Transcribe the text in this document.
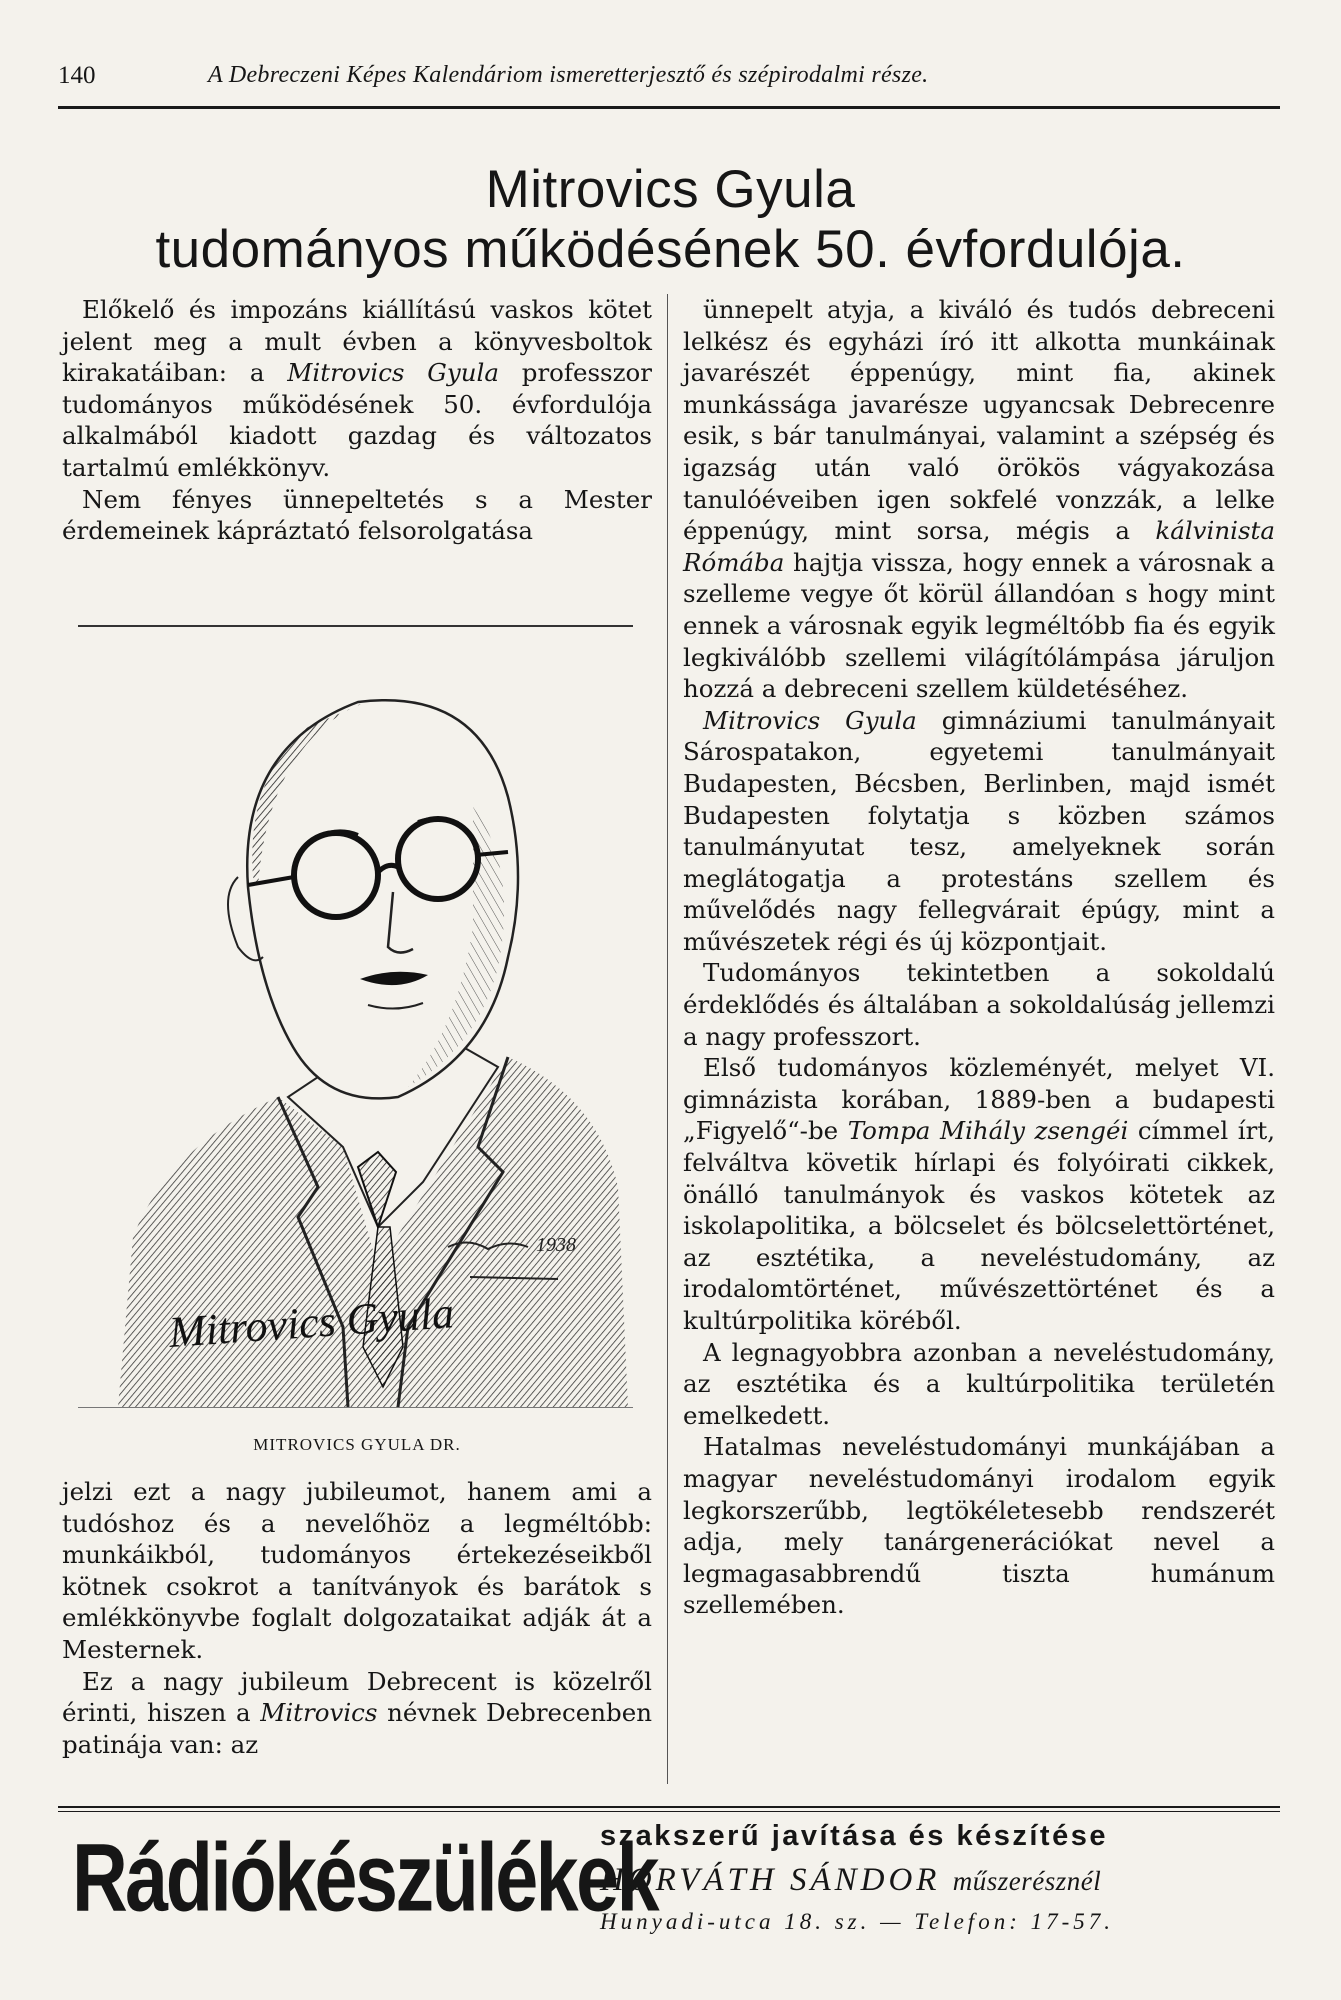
140	A Debreczeni Képes Kalendáriom ismeretterjesztő és szépirodalmi része.
Mitrovics Gyula
tudományos működésének 50. évfordulója.

Előkelő és impozáns kiállítású vaskos kötet jelent meg a mult évben a könyvesboltok kirakatáiban: a Mitrovics Gyula professzor tudományos működésének 50. évfordulója alkalmából kiadott gazdag és változatos tartalmú emlékkönyv.

Nem fényes ünnepeltetés s a Mester érdemeinek kápráztató felsorolgatása

1938
Mitrovics Gyula
MITROVICS GYULA DR.

jelzi ezt a nagy jubileumot, hanem ami a tudóshoz és a nevelőhöz a legméltóbb: munkáikból, tudományos értekezéseikből kötnek csokrot a tanítványok és barátok s emlékkönyvbe foglalt dolgozataikat adják át a Mesternek.

Ez a nagy jubileum Debrecent is közelről érinti, hiszen a Mitrovics névnek Debrecenben patinája van: az

ünnepelt atyja, a kiváló és tudós debreceni lelkész és egyházi író itt alkotta munkáinak javarészét éppenúgy, mint fia, akinek munkássága javarésze ugyancsak Debrecenre esik, s bár tanulmányai, valamint a szépség és igazság után való örökös vágyakozása tanulóéveiben igen sokfelé vonzzák, a lelke éppenúgy, mint sorsa, mégis a kálvinista Rómába hajtja vissza, hogy ennek a városnak a szelleme vegye őt körül állandóan s hogy mint ennek a városnak egyik legméltóbb fia és egyik legkiválóbb szellemi világítólámpása járuljon hozzá a debreceni szellem küldetéséhez.

Mitrovics Gyula gimnáziumi tanulmányait Sárospatakon, egyetemi tanulmányait Budapesten, Bécsben, Berlinben, majd ismét Budapesten folytatja s közben számos tanulmányutat tesz, amelyeknek során meglátogatja a protestáns szellem és művelődés nagy fellegvárait épúgy, mint a művészetek régi és új központjait.

Tudományos tekintetben a sokoldalú érdeklődés és általában a sokoldalúság jellemzi a nagy professzort.

Első tudományos közleményét, melyet VI. gimnázista korában, 1889-ben a budapesti „Figyelő“-be Tompa Mihály zsengéi címmel írt, felváltva követik hírlapi és folyóirati cikkek, önálló tanulmányok és vaskos kötetek az iskolapolitika, a bölcselet és bölcselettörténet, az esztétika, a neveléstudomány, az irodalomtörténet, művészettörténet és a kultúrpolitika köréből.

A legnagyobbra azonban a neveléstudomány, az esztétika és a kultúrpolitika területén emelkedett.

Hatalmas neveléstudományi munkájában a magyar neveléstudományi irodalom egyik legkorszerűbb, legtökéletesebb rendszerét adja, mely tanárgenerációkat nevel a legmagasabbrendű tiszta humánum szellemében.

Rádiókészülékek
szakszerű javítása és készítése
HORVÁTH SÁNDOR műszerésznél
Hunyadi-utca 18. sz. — Telefon: 17-57.
